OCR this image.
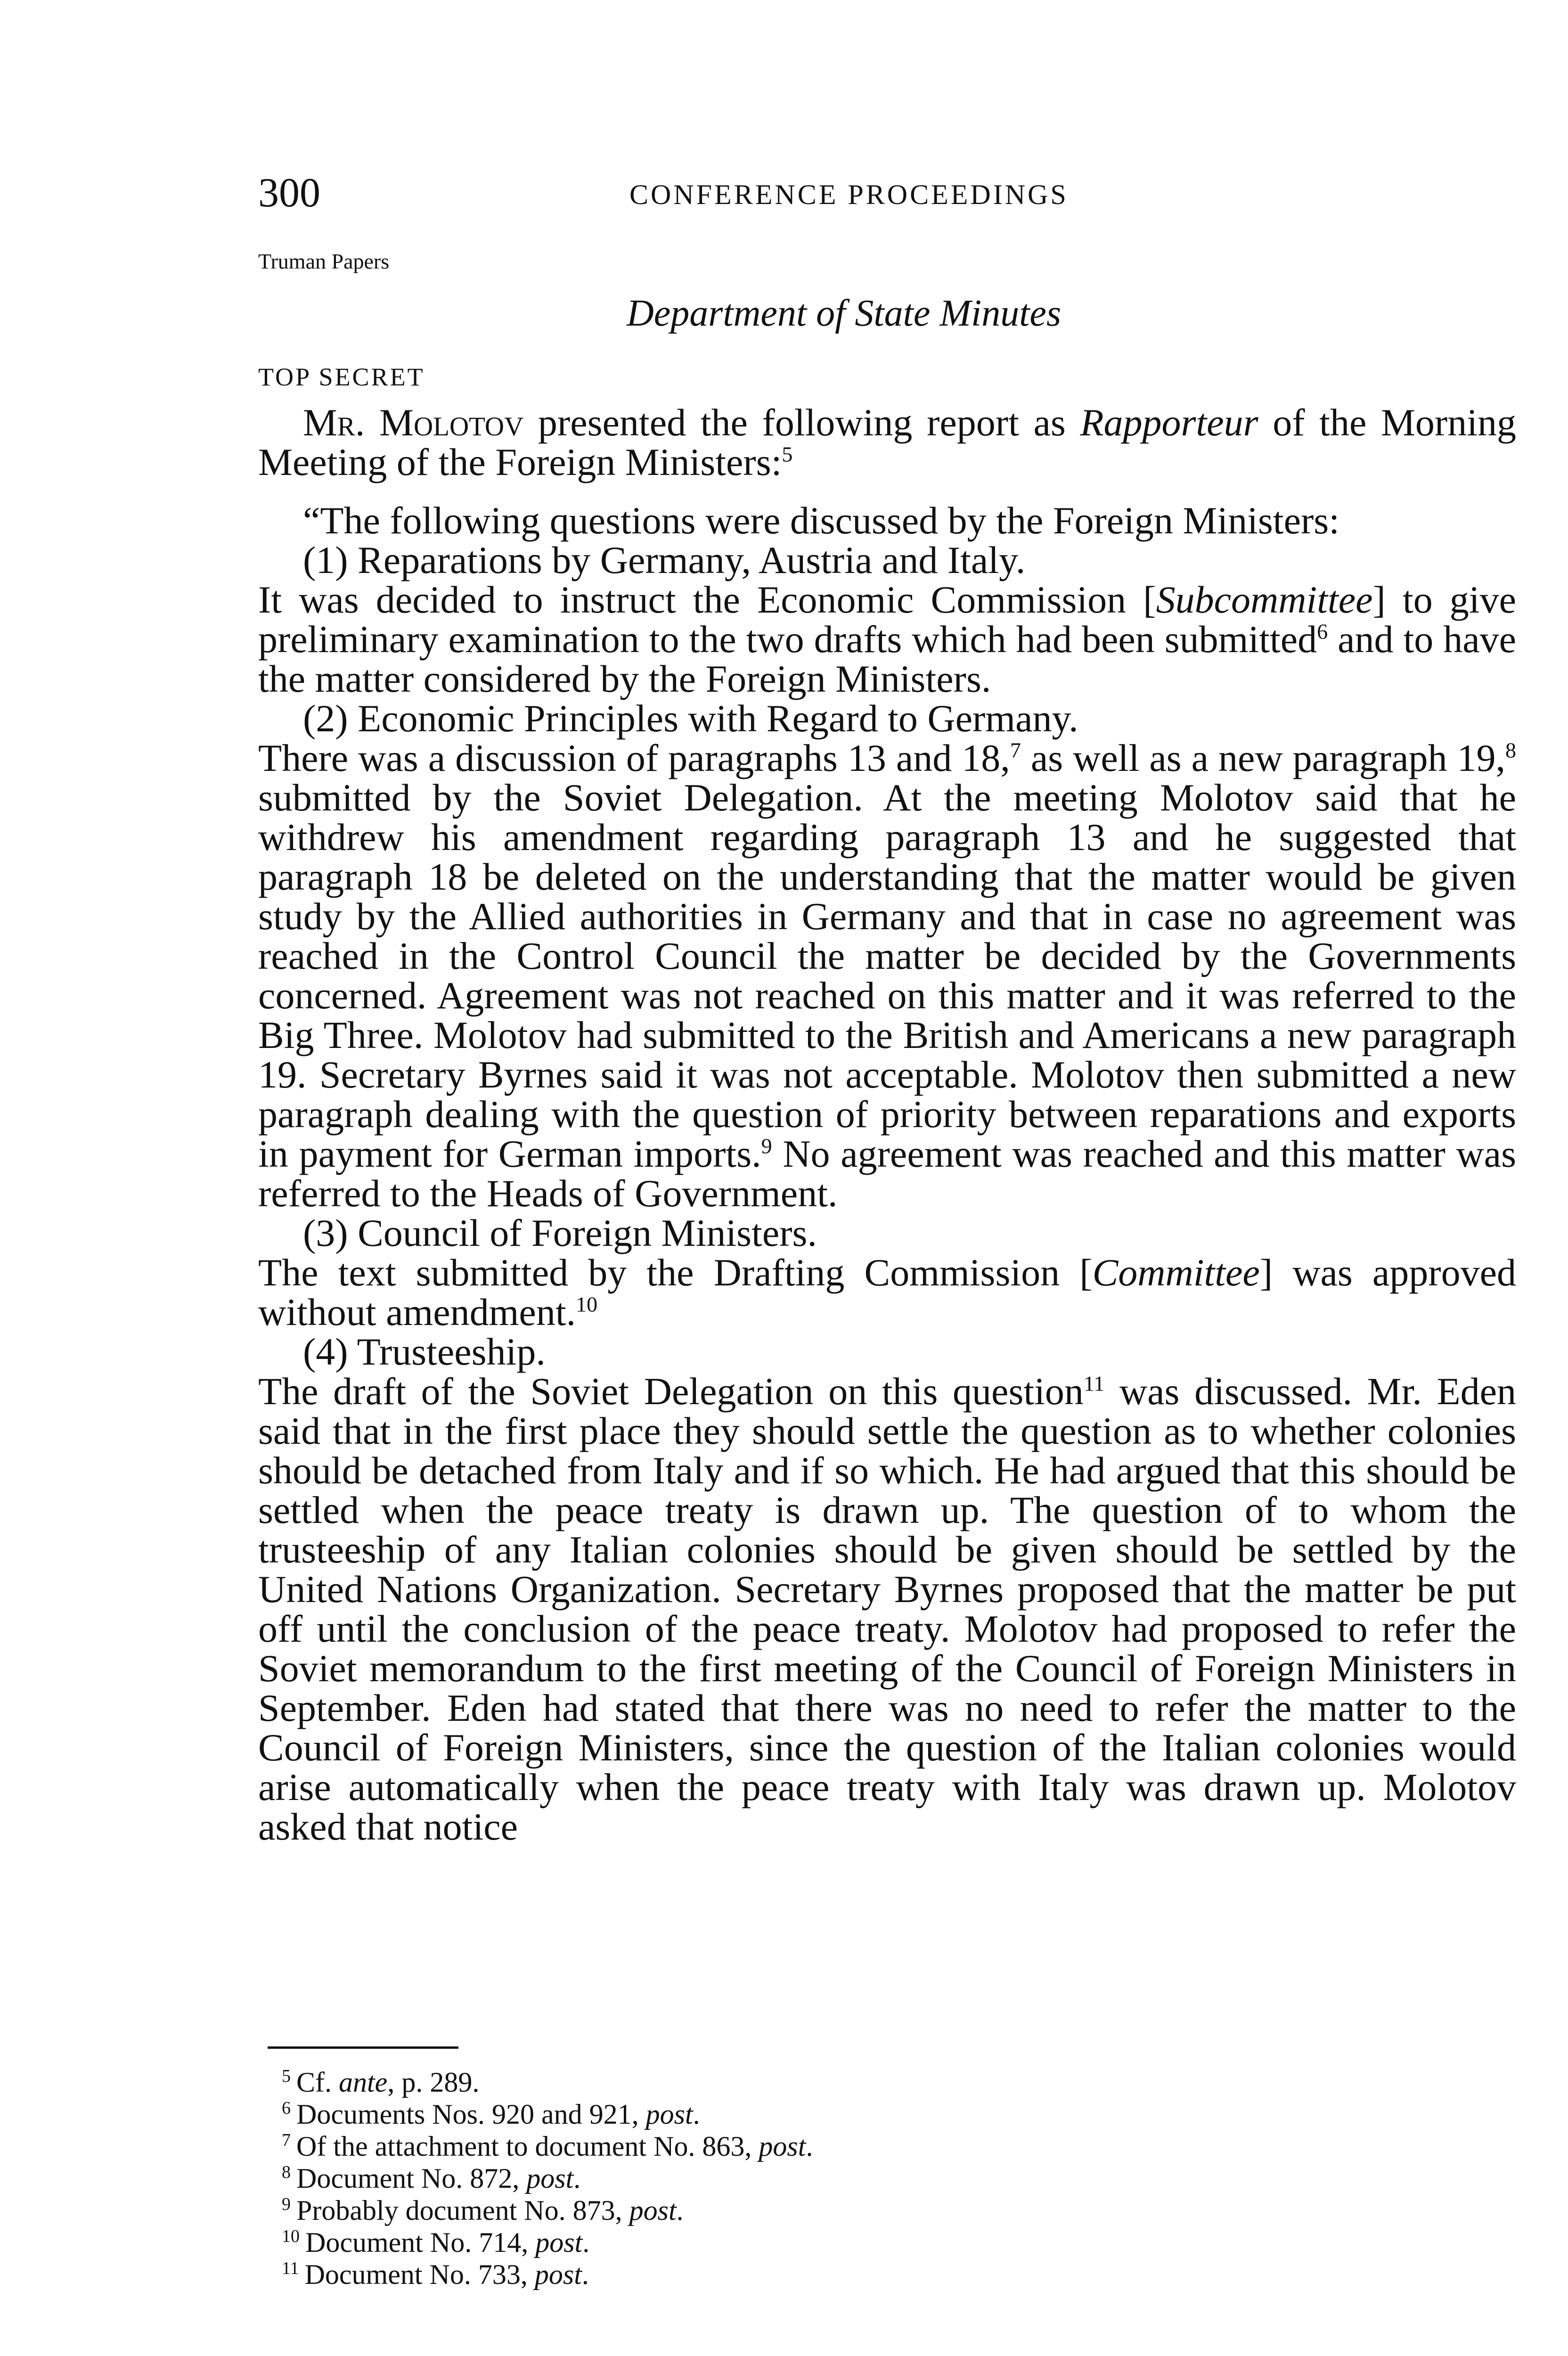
300	CONFERENCE PROCEEDINGS
Truman Papers
Department of State Minutes
TOP SECRET

Mr. Molotov presented the following report as Rapporteur of the Morning Meeting of the Foreign Ministers:$^5$

“The following questions were discussed by the Foreign Ministers:

(1) Reparations by Germany, Austria and Italy.

It was decided to instruct the Economic Commission [Subcommittee] to give preliminary examination to the two drafts which had been submitted$^6$ and to have the matter considered by the Foreign Ministers.

(2) Economic Principles with Regard to Germany.

There was a discussion of paragraphs 13 and 18,$^7$ as well as a new paragraph 19,$^8$ submitted by the Soviet Delegation. At the meeting Molotov said that he withdrew his amendment regarding paragraph 13 and he suggested that paragraph 18 be deleted on the understanding that the matter would be given study by the Allied authorities in Germany and that in case no agreement was reached in the Control Council the matter be decided by the Governments concerned. Agreement was not reached on this matter and it was referred to the Big Three. Molotov had submitted to the British and Americans a new paragraph 19. Secretary Byrnes said it was not acceptable. Molotov then submitted a new paragraph dealing with the question of priority between reparations and exports in payment for German imports.$^9$ No agreement was reached and this matter was referred to the Heads of Government.

(3) Council of Foreign Ministers.

The text submitted by the Drafting Commission [Committee] was approved without amendment.$^{10}$

(4) Trusteeship.

The draft of the Soviet Delegation on this question$^{11}$ was discussed. Mr. Eden said that in the first place they should settle the question as to whether colonies should be detached from Italy and if so which. He had argued that this should be settled when the peace treaty is drawn up. The question of to whom the trusteeship of any Italian colonies should be given should be settled by the United Nations Organization. Secretary Byrnes proposed that the matter be put off until the conclusion of the peace treaty. Molotov had proposed to refer the Soviet memorandum to the first meeting of the Council of Foreign Ministers in September. Eden had stated that there was no need to refer the matter to the Council of Foreign Ministers, since the question of the Italian colonies would arise automatically when the peace treaty with Italy was drawn up. Molotov asked that notice

$^5$ Cf. ante, p. 289.
$^6$ Documents Nos. 920 and 921, post.
$^7$ Of the attachment to document No. 863, post.
$^8$ Document No. 872, post.
$^9$ Probably document No. 873, post.
$^{10}$ Document No. 714, post.
$^{11}$ Document No. 733, post.
